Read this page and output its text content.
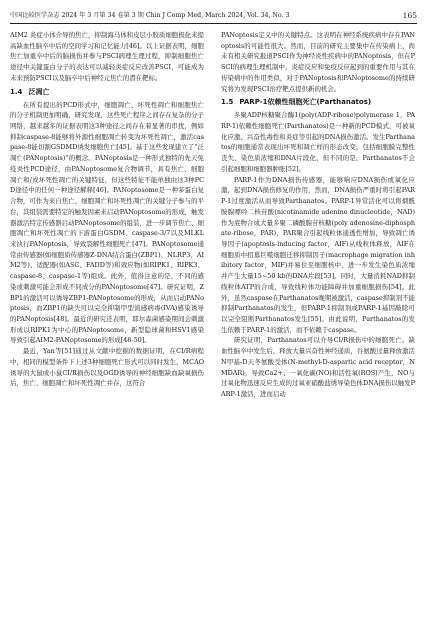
中国比较医学杂志 2024 年 3 月第 34 卷第 3 期 Chin J Comp Med, March 2024, Vol. 34, No. 3	165

AIM2 炎症小体介导的焦亡，抑制海马体和皮层小胶质细胞极化来提高缺血性脑卒中后的空间学习和记忆能力[46]。以上证据表明，细胞焦亡加重卒中后的脑损伤并参与PSCI病理生理过程，抑制细胞焦亡途径中关键蛋白分子的表达可以减轻炎症反应改善PSCI，可能成为未来预防PSCI以及脑卒中后神经元焦亡的潜在靶标。

1.4 泛凋亡

在所有提出的PCD形式中，细胞凋亡、坏死性凋亡和细胞焦亡的分子机制更加明确，研究发现，这些死亡程序之间存在复杂的分子网络，越来越多的证据表明这3种途径之间存在着显著的串扰，例如抑制caspase-8能够将外源性细胞凋亡转变为坏死性凋亡，激活caspase-8能切割GSDMD诱发细胞焦亡[45]。基于这些发现建立了“泛凋亡(PANoptosis)”的概念。PANoptosis是一种形式独特的先天免疫炎性PCD途径，由PANoptosome复合物调节，具有焦亡、细胞凋亡和/或坏死性凋亡的关键特征，但这些特征不能单独由这3种PCD途径中的任何一种途径解释[46]。PANoptosome是一种多蛋白复合物，可作为来自焦亡、细胞凋亡和坏死性凋亡的关键分子参与的平台，其组装需要特定的触发因素来启动PANoptosome的形成，触发器激活特定传感器启动PANoptosome的组装，进一步调节焦亡、细胞凋亡和坏死性凋亡的下游蛋白GSDM、caspase-3/7以及MLKL来执行PANoptosis，导致裂解性细胞死亡[47]。PANoptosome通常由传感器(如细胞质传感器Z-DNA结合蛋白(ZBP1)、NLRP3、AIM2等)、适配器(如ASC、FADD等)和效应物(如RIPK1、RIPK3、caspase-8、caspase-1等)组成。此外，值得注意的是，不同的感染或刺激可能会形成不同成分的PANoptosome[47]。研究证明，ZBP1的激活可以诱导ZBP1-PANoptosome的形成，从而启动PANoptosis，而ZBP1的缺失可以完全抑制甲型流感病毒(IVA)感染诱导的PANoptosis[48]。最近的研究还表明，耶尔森菌感染期间会刺激形成以RIPK1为中心的PANoptosome，新型隐球菌和HSV1感染导致引起AIM2-PANoptosome的形成[48-50]。

最近，Yan等[51]通过从文献中挖掘的数据证明，在CI/R病程中，相同的模型条件下上述3种细胞死亡形式可以同时发生，MCAO诱导的大鼠或小鼠CI/R损伤以及OGD诱导的神经细胞缺血缺氧损伤后，焦亡、细胞凋亡和坏死性凋亡并存，这符合

PANoptosis定义中的关键特点。这表明在神经系统疾病中存在PANoptosis的可能性很大。然而，目前的研究主要集中在传染病上，尚未有相关研究报道PSCI作为神经炎性疾病中的PANoptosis，但在PSCI的病理生理机制中，炎症反应和免疫反应起到的重要作用与其在传染病中的作用类似，对于PANoptosis和PANoptosome的持续研究将为发现PSCI治疗靶点提供新的机会。

1.5 PARP-1依赖性细胞死亡(Parthanatos)

多聚ADP核糖聚合酶1(poly(ADP-ribose)polymerase 1，PARP-1)依赖性细胞死亡(Parthanatos)是一种新的PCD模式，可被氧化应激、兴奋性毒性和炎症等引起的DNA损伤激活。发生Parthanatos的细胞通常表现出坏死和凋亡样的形态改变，包括细胞膜完整性丧失、染色质浓缩和DNA片段化，但不同的是，Parthanatos不会引起细胞和细胞器肿胀[52]。

PARP-1作为DNA损伤传感器，能够响应DNA损伤或氧化应激，起到DNA损伤修复的作用，然而，DNA损伤严重时将引起PARP-1过度激活从而导致Parthanatos。PARP-1异常活化可以将烟酰胺腺嘌呤二核苷酸(nicotinamide adenine dinucleotide，NAD)作为底物合成大量多聚二磷酸腺苷核糖(poly adenosine-diphosphate-ribose，PAR)，PAR聚合引起线粒体通透性增加，导致凋亡诱导因子(apoptosis-inducing factor，AIF)从线粒体释放，AIF在细胞质中招募巨噬细胞迁移抑制因子(macrophage migration inhibitory factor，MIF)并易位至细胞核中，进一步发生染色质浓缩并产生大量15~50 kb的DNA片段[53]。同时，大量消耗NAD抑制线粒体ATP的合成，导致线粒体功能障碍并加重细胞损伤[54]。此外，虽然caspase在Parthanatos晚期被激活，caspase抑制剂不能抑制Parthanatos的发生，但PARP-1抑制剂或PARP-1基因敲除可以完全阻断Parthanatos发生[55]。由此说明，Parthanatos的发生依赖于PARP-1的激活，而不依赖于caspase。

研究证明，Parthanatos可以介导CI/R损伤中的细胞死亡。缺血性脑卒中发生后，释放大量兴奋性神经递质，谷氨酸过量释放激活N甲基-D天冬氨酸受体(N-methyl-D-aspartic acid receptor，NMDAR)，导致Ca2+、一氧化碳(NO)和活性氧(ROS)产生，NO与过氧化物迅速反应生成的过氧亚硝酸盐诱导染色体DNA损伤以触发PARP-1激活，进而启动
